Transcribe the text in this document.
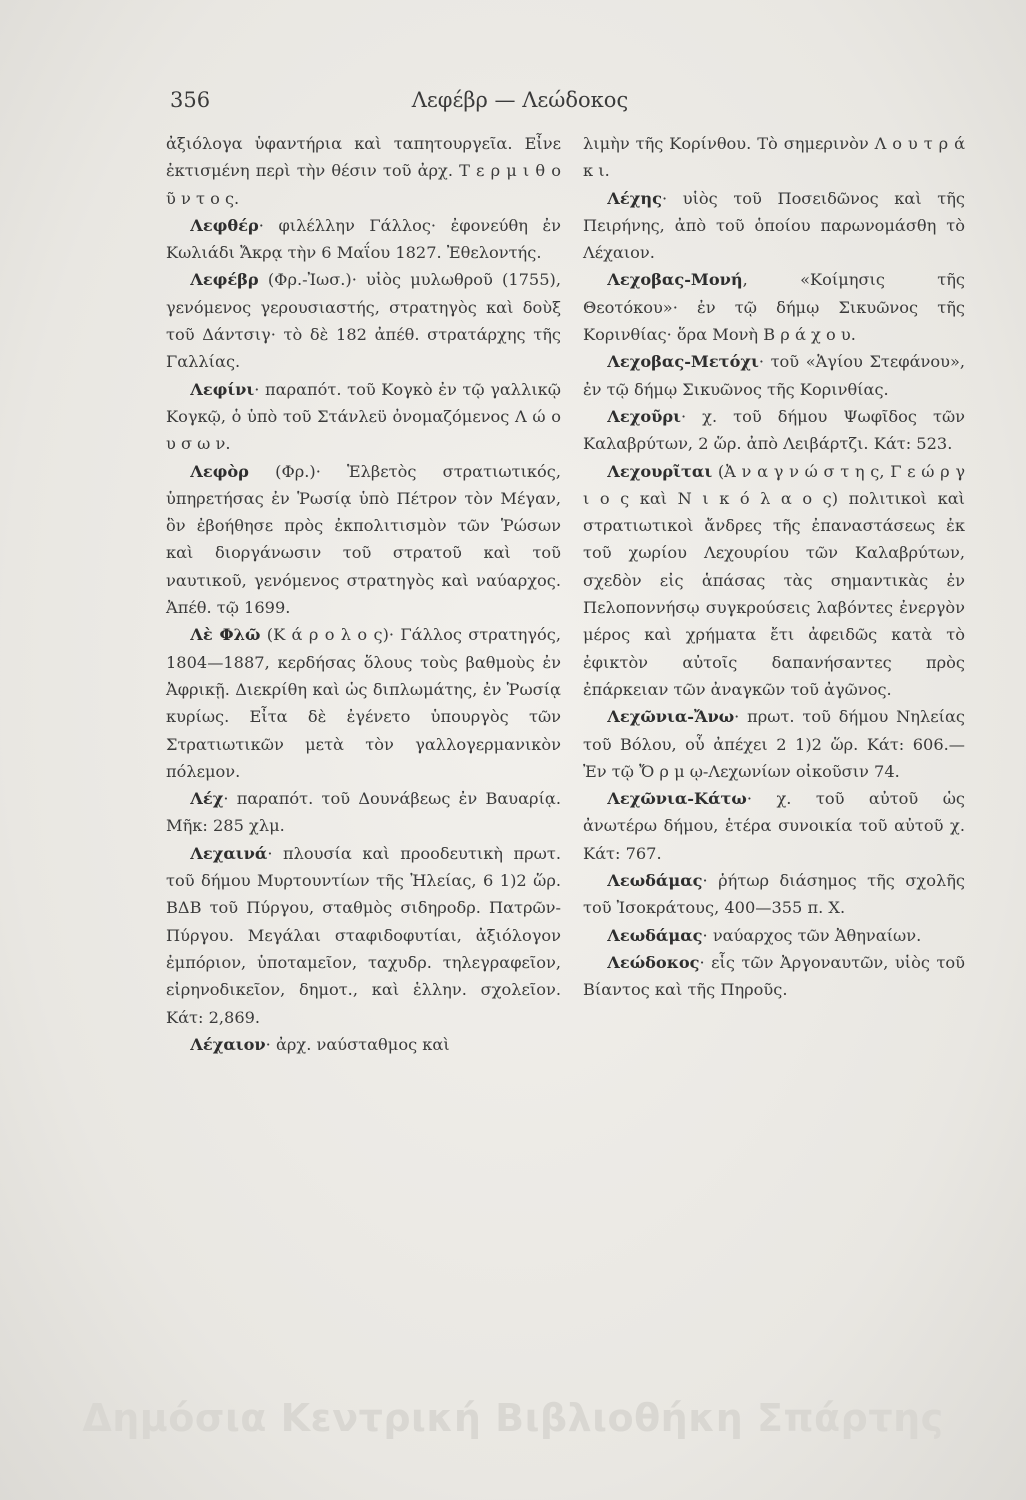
356	Λεφέβρ — Λεώδοκος

ἀξιόλογα ὑφαντήρια καὶ ταπητουργεῖα. Εἶνε ἐκτισμένη περὶ τὴν θέσιν τοῦ ἀρχ. Τ ε ρ μ ι θ ο ῦ ν τ ο ς.

Λεφθέρ· φιλέλλην Γάλλος· ἐφονεύθη ἐν Κωλιάδι Ἄκρᾳ τὴν 6 Μαΐου 1827. Ἐθελοντής.

Λεφέβρ (Φρ.-Ἰωσ.)· υἱὸς μυλωθροῦ (1755), γενόμενος γερουσιαστής, στρατηγὸς καὶ δοὺξ τοῦ Δάντσιγ· τὸ δὲ 182 ἀπέθ. στρατάρχης τῆς Γαλλίας.

Λεφίνι· παραπότ. τοῦ Κογκὸ ἐν τῷ γαλλικῷ Κογκῷ, ὁ ὑπὸ τοῦ Στάνλεϋ ὀνομαζόμενος Λ ώ ο υ σ ω ν.

Λεφὸρ (Φρ.)· Ἑλβετὸς στρατιωτικός, ὑπηρετήσας ἐν Ῥωσίᾳ ὑπὸ Πέτρον τὸν Μέγαν, ὃν ἐβοήθησε πρὸς ἐκπολιτισμὸν τῶν Ῥώσων καὶ διοργάνωσιν τοῦ στρατοῦ καὶ τοῦ ναυτικοῦ, γενόμενος στρατηγὸς καὶ ναύαρχος. Ἀπέθ. τῷ 1699.

Λὲ Φλῶ (Κ ά ρ ο λ ο ς)· Γάλλος στρατηγός, 1804—1887, κερδήσας ὅλους τοὺς βαθμοὺς ἐν Ἀφρικῇ. Διεκρίθη καὶ ὡς διπλωμάτης, ἐν Ῥωσίᾳ κυρίως. Εἶτα δὲ ἐγένετο ὑπουργὸς τῶν Στρατιωτικῶν μετὰ τὸν γαλλογερμανικὸν πόλεμον.

Λέχ· παραπότ. τοῦ Δουνάβεως ἐν Βαυαρίᾳ. Μῆκ: 285 χλμ.

Λεχαινά· πλουσία καὶ προοδευτικὴ πρωτ. τοῦ δήμου Μυρτουντίων τῆς Ἠλείας, 6 1)2 ὥρ. ΒΔΒ τοῦ Πύργου, σταθμὸς σιδηροδρ. Πατρῶν-Πύργου. Μεγάλαι σταφιδοφυτίαι, ἀξιόλογον ἐμπόριον, ὑποταμεῖον, ταχυδρ. τηλεγραφεῖον, εἰρηνοδικεῖον, δημοτ., καὶ ἑλλην. σχολεῖον. Κάτ: 2,869.

Λέχαιον· ἀρχ. ναύσταθμος καὶ

λιμὴν τῆς Κορίνθου. Τὸ σημερινὸν Λ ο υ τ ρ ά κ ι.

Λέχης· υἱὸς τοῦ Ποσειδῶνος καὶ τῆς Πειρήνης, ἀπὸ τοῦ ὁποίου παρωνομάσθη τὸ Λέχαιον.

Λεχοβας-Μονή, «Κοίμησις τῆς Θεοτόκου»· ἐν τῷ δήμῳ Σικυῶνος τῆς Κορινθίας· ὅρα Μονὴ Β ρ ά χ ο υ.

Λεχοβας-Μετόχι· τοῦ «Ἁγίου Στεφάνου», ἐν τῷ δήμῳ Σικυῶνος τῆς Κορινθίας.

Λεχοῦρι· χ. τοῦ δήμου Ψωφῖδος τῶν Καλαβρύτων, 2 ὥρ. ἀπὸ Λειβάρτζι. Κάτ: 523.

Λεχουρῖται (Ἀ ν α γ ν ώ σ τ η ς, Γ ε ώ ρ γ ι ο ς καὶ Ν ι κ ό λ α ο ς) πολιτικοὶ καὶ στρατιωτικοὶ ἄνδρες τῆς ἐπαναστάσεως ἐκ τοῦ χωρίου Λεχουρίου τῶν Καλαβρύτων, σχεδὸν εἰς ἁπάσας τὰς σημαντικὰς ἐν Πελοποννήσῳ συγκρούσεις λαβόντες ἐνεργὸν μέρος καὶ χρήματα ἔτι ἀφειδῶς κατὰ τὸ ἐφικτὸν αὐτοῖς δαπανήσαντες πρὸς ἐπάρκειαν τῶν ἀναγκῶν τοῦ ἀγῶνος.

Λεχῶνια-Ἄνω· πρωτ. τοῦ δήμου Νηλείας τοῦ Βόλου, οὗ ἀπέχει 2 1)2 ὥρ. Κάτ: 606.— Ἐν τῷ Ὄ ρ μ ῳ-Λεχωνίων οἰκοῦσιν 74.

Λεχῶνια-Κάτω· χ. τοῦ αὐτοῦ ὡς ἀνωτέρω δήμου, ἑτέρα συνοικία τοῦ αὐτοῦ χ. Κάτ: 767.

Λεωδάμας· ῥήτωρ διάσημος τῆς σχολῆς τοῦ Ἰσοκράτους, 400—355 π. Χ.

Λεωδάμας· ναύαρχος τῶν Ἀθηναίων.

Λεώδοκος· εἷς τῶν Ἀργοναυτῶν, υἱὸς τοῦ Βίαντος καὶ τῆς Πηροῦς.

Δημόσια Κεντρική Βιβλιοθήκη Σπάρτης
